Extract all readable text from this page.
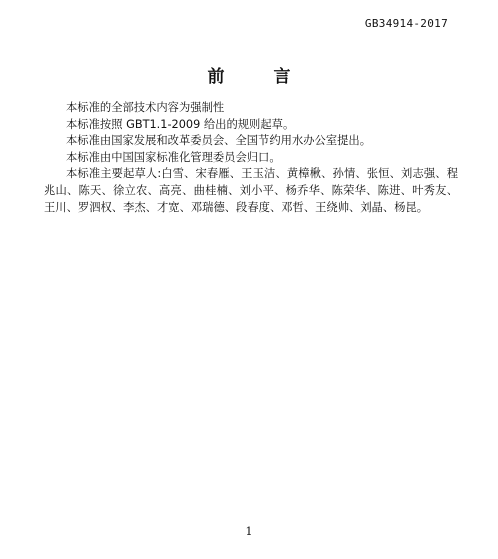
GB34914-2017
前　言

本标准的全部技术内容为强制性

本标准按照 GBT1.1-2009 给出的规则起草。

本标准由国家发展和改革委员会、全国节约用水办公室提出。

本标准由中国国家标准化管理委员会归口。

本标准主要起草人:白雪、宋春雁、王玉洁、黄樟楸、孙情、张恒、刘志强、程兆山、陈天、徐立农、高亮、曲桂楠、刘小平、杨乔华、陈荣华、陈进、叶秀友、王川、罗泗权、李杰、才宽、邓瑞德、段春度、邓哲、王绕帅、刘晶、杨昆。

1
